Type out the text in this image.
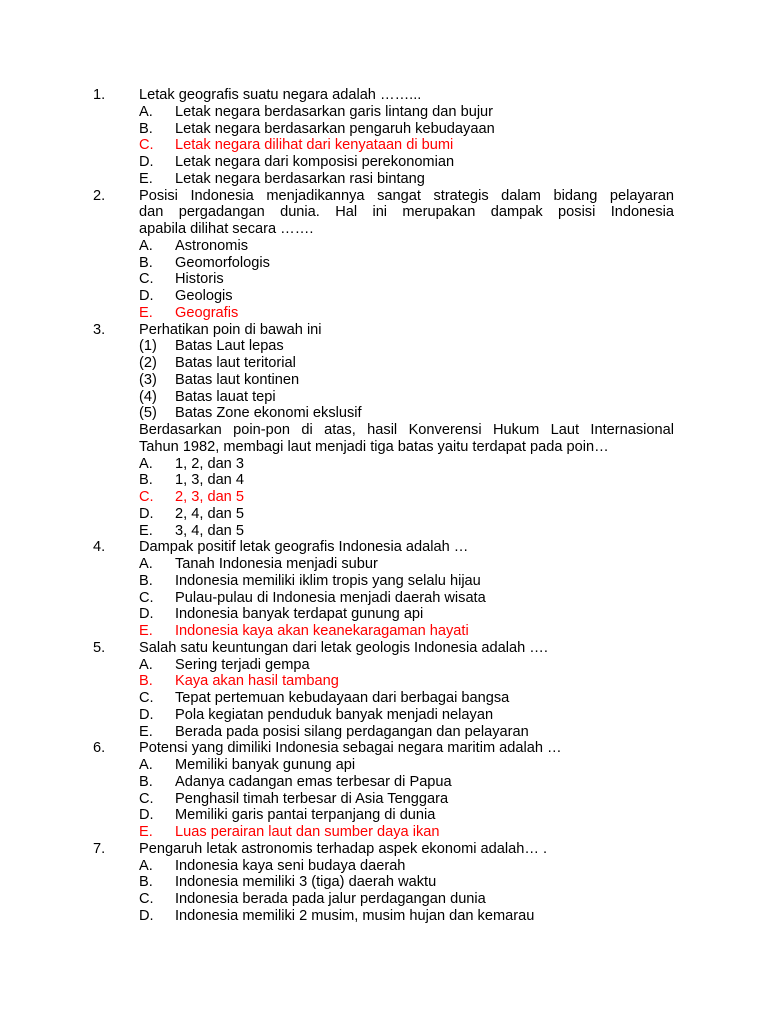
1. Letak geografis suatu negara adalah ……...
A. Letak negara berdasarkan garis lintang dan bujur
B. Letak negara berdasarkan pengaruh kebudayaan
C. Letak negara dilihat dari kenyataan di bumi
D. Letak negara dari komposisi perekonomian
E. Letak negara berdasarkan rasi bintang
2. Posisi Indonesia menjadikannya sangat strategis dalam bidang pelayaran
dan pergadangan dunia. Hal ini merupakan dampak posisi Indonesia
apabila dilihat secara …….
A. Astronomis
B. Geomorfologis
C. Historis
D. Geologis
E. Geografis
3. Perhatikan poin di bawah ini
(1) Batas Laut lepas
(2) Batas laut teritorial
(3) Batas laut kontinen
(4) Batas lauat tepi
(5) Batas Zone ekonomi ekslusif
Berdasarkan poin-pon di atas, hasil Konverensi Hukum Laut Internasional
Tahun 1982, membagi laut menjadi tiga batas yaitu terdapat pada poin…
A. 1, 2, dan 3
B. 1, 3, dan 4
C. 2, 3, dan 5
D. 2, 4, dan 5
E. 3, 4, dan 5
4. Dampak positif letak geografis Indonesia adalah …
A. Tanah Indonesia menjadi subur
B. Indonesia memiliki iklim tropis yang selalu hijau
C. Pulau-pulau di Indonesia menjadi daerah wisata
D. Indonesia banyak terdapat gunung api
E. Indonesia kaya akan keanekaragaman hayati
5. Salah satu keuntungan dari letak geologis Indonesia adalah ….
A. Sering terjadi gempa
B. Kaya akan hasil tambang
C. Tepat pertemuan kebudayaan dari berbagai bangsa
D. Pola kegiatan penduduk banyak menjadi nelayan
E. Berada pada posisi silang perdagangan dan pelayaran
6. Potensi yang dimiliki Indonesia sebagai negara maritim adalah …
A. Memiliki banyak gunung api
B. Adanya cadangan emas terbesar di Papua
C. Penghasil timah terbesar di Asia Tenggara
D. Memiliki garis pantai terpanjang di dunia
E. Luas perairan laut dan sumber daya ikan
7. Pengaruh letak astronomis terhadap aspek ekonomi adalah… .
A. Indonesia kaya seni budaya daerah
B. Indonesia memiliki 3 (tiga) daerah waktu
C. Indonesia berada pada jalur perdagangan dunia
D. Indonesia memiliki 2 musim, musim hujan dan kemarau
